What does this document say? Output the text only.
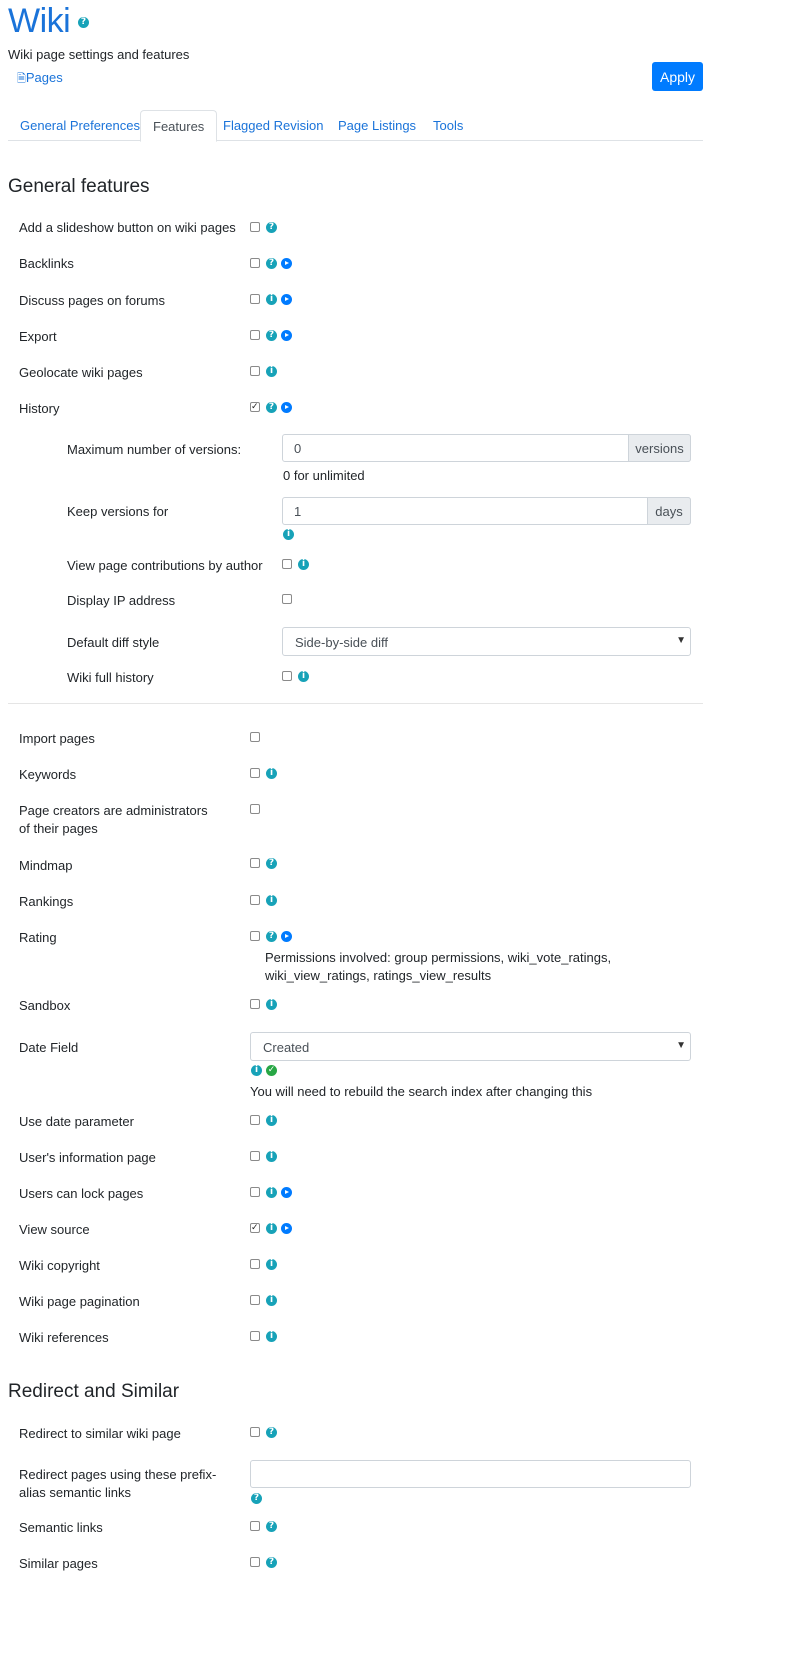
Wiki	?
Wiki page settings and features
🗎Pages	Apply
General Preferences	Features	Flagged Revision	Page Listings	Tools
General features
Add a slideshow button on wiki pages	?
Backlinks	?
Discuss pages on forums	i
Export	?
Geolocate wiki pages	i
History ✓	?
Maximum number of versions:	0	versions
0 for unlimited
Keep versions for	1	days
i
View page contributions by author	i
Display IP address
Default diff style	Side-by-side diff	▼
Wiki full history	i
Import pages
Keywords	i
Page creators are administrators of their pages
Mindmap	?
Rankings	i
Rating	?
Permissions involved: group permissions, wiki_vote_ratings, wiki_view_ratings, ratings_view_results
Sandbox	i
Date Field	Created	▼
i	✓
You will need to rebuild the search index after changing this
Use date parameter	i
User's information page	i
Users can lock pages	i
View source ✓	i
Wiki copyright	i
Wiki page pagination	i
Wiki references	i
Redirect and Similar
Redirect to similar wiki page	?
Redirect pages using these prefix-alias semantic links	?
Semantic links	?
Similar pages	?
